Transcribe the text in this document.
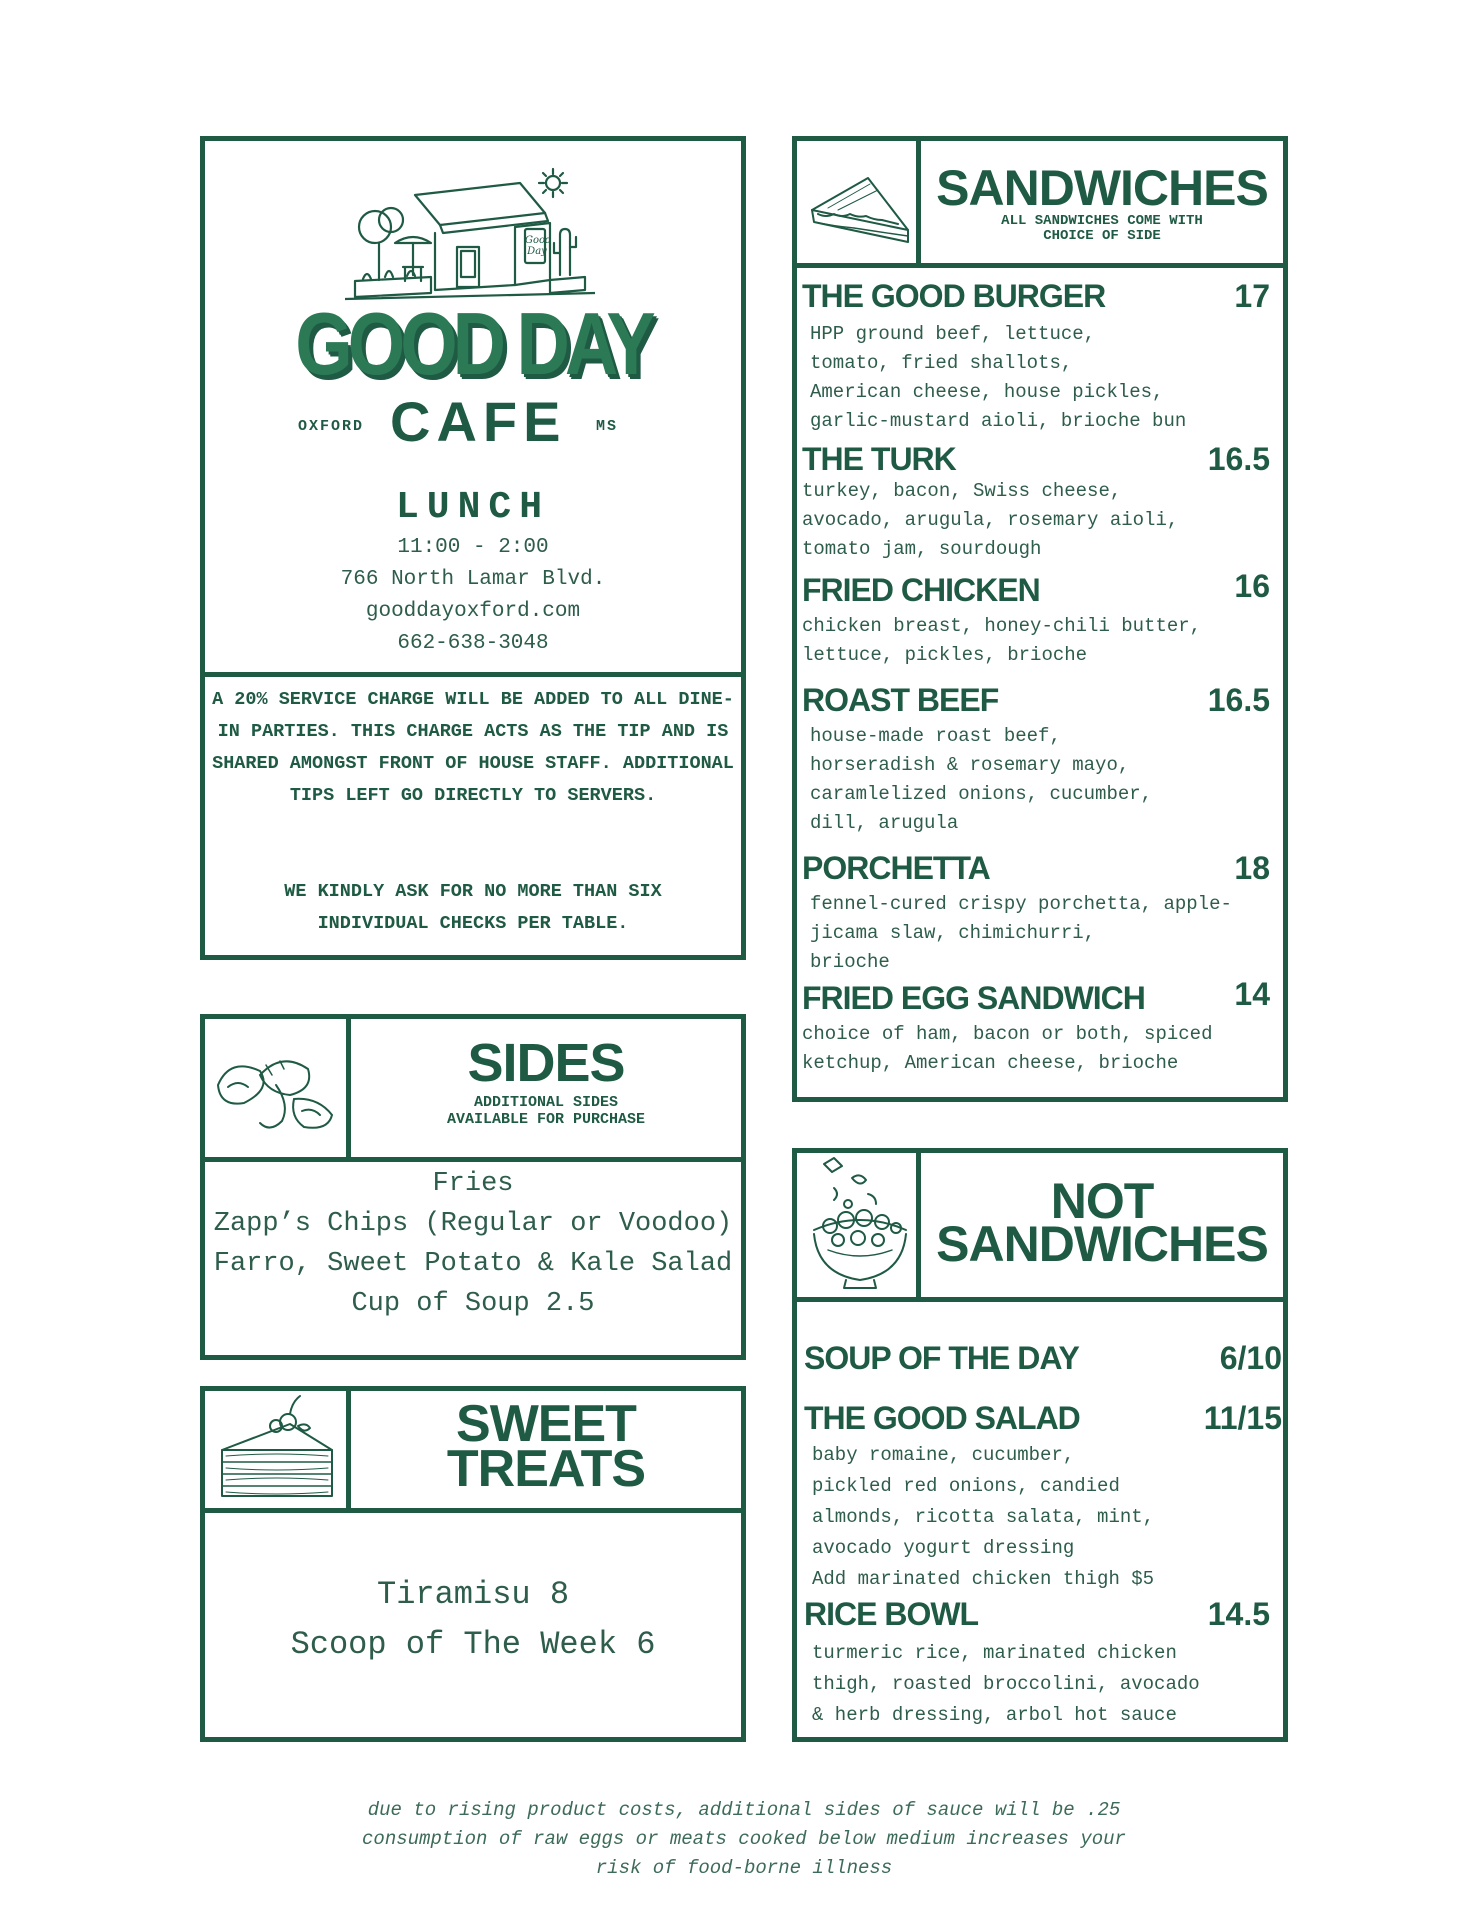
Good Day
GOOD DAY
OXFORD CAFE MS
LUNCH
11:00 - 2:00
766 North Lamar Blvd.
gooddayoxford.com
662-638-3048
A 20% SERVICE CHARGE WILL BE ADDED TO ALL DINE-IN PARTIES. THIS CHARGE ACTS AS THE TIP AND IS SHARED AMONGST FRONT OF HOUSE STAFF. ADDITIONAL TIPS LEFT GO DIRECTLY TO SERVERS.
WE KINDLY ASK FOR NO MORE THAN SIX INDIVIDUAL CHECKS PER TABLE.
SIDES
ADDITIONAL SIDES
AVAILABLE FOR PURCHASE
Fries
Zapp’s Chips (Regular or Voodoo)
Farro, Sweet Potato & Kale Salad
Cup of Soup 2.5
SWEET
TREATS
Tiramisu 8
Scoop of The Week 6
SANDWICHES
ALL SANDWICHES COME WITH
CHOICE OF SIDE
THE GOOD BURGER	17
HPP ground beef, lettuce,
tomato, fried shallots,
American cheese, house pickles,
garlic-mustard aioli, brioche bun
THE TURK	16.5
turkey, bacon, Swiss cheese,
avocado, arugula, rosemary aioli,
tomato jam, sourdough
FRIED CHICKEN	16
chicken breast, honey-chili butter,
lettuce, pickles, brioche
ROAST BEEF	16.5
house-made roast beef,
horseradish & rosemary mayo,
caramlelized onions, cucumber,
dill, arugula
PORCHETTA	18
fennel-cured crispy porchetta, apple-
jicama slaw, chimichurri,
brioche
FRIED EGG SANDWICH	14
choice of ham, bacon or both, spiced
ketchup, American cheese, brioche
NOT
SANDWICHES
SOUP OF THE DAY	6/10
THE GOOD SALAD	11/15
baby romaine, cucumber,
pickled red onions, candied
almonds, ricotta salata, mint,
avocado yogurt dressing
Add marinated chicken thigh $5
RICE BOWL	14.5
turmeric rice, marinated chicken
thigh, roasted broccolini, avocado
& herb dressing, arbol hot sauce
due to rising product costs, additional sides of sauce will be .25
consumption of raw eggs or meats cooked below medium increases your
risk of food-borne illness
